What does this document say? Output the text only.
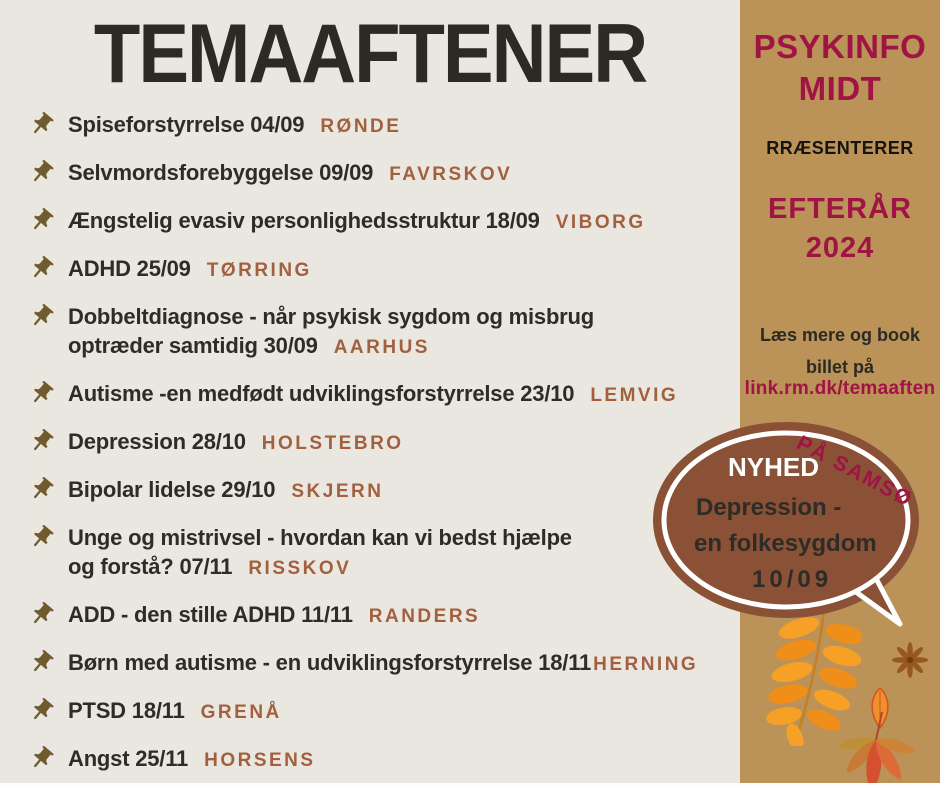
TEMAAFTENER
Spiseforstyrrelse 04/09 RØNDE
Selvmordsforebyggelse 09/09 FAVRSKOV
Ængstelig evasiv personlighedsstruktur 18/09 VIBORG
ADHD 25/09 TØRRING
Dobbeltdiagnose - når psykisk sygdom og misbrug
optræder samtidig 30/09 AARHUS
Autisme -en medfødt udviklingsforstyrrelse 23/10 LEMVIG
Depression 28/10 HOLSTEBRO
Bipolar lidelse 29/10 SKJERN
Unge og mistrivsel - hvordan kan vi bedst hjælpe
og forstå? 07/11 RISSKOV
ADD - den stille ADHD 11/11 RANDERS
Børn med autisme - en udviklingsforstyrrelse 18/11 HERNING
PTSD 18/11 GRENÅ
Angst 25/11 HORSENS
PSYKINFO
MIDT
RRÆSENTERER
EFTERÅR
2024
Læs mere og book
billet på
link.rm.dk/temaaften
NYHED
PÅ SAMSØ
Depression -
en folkesygdom
10/09
